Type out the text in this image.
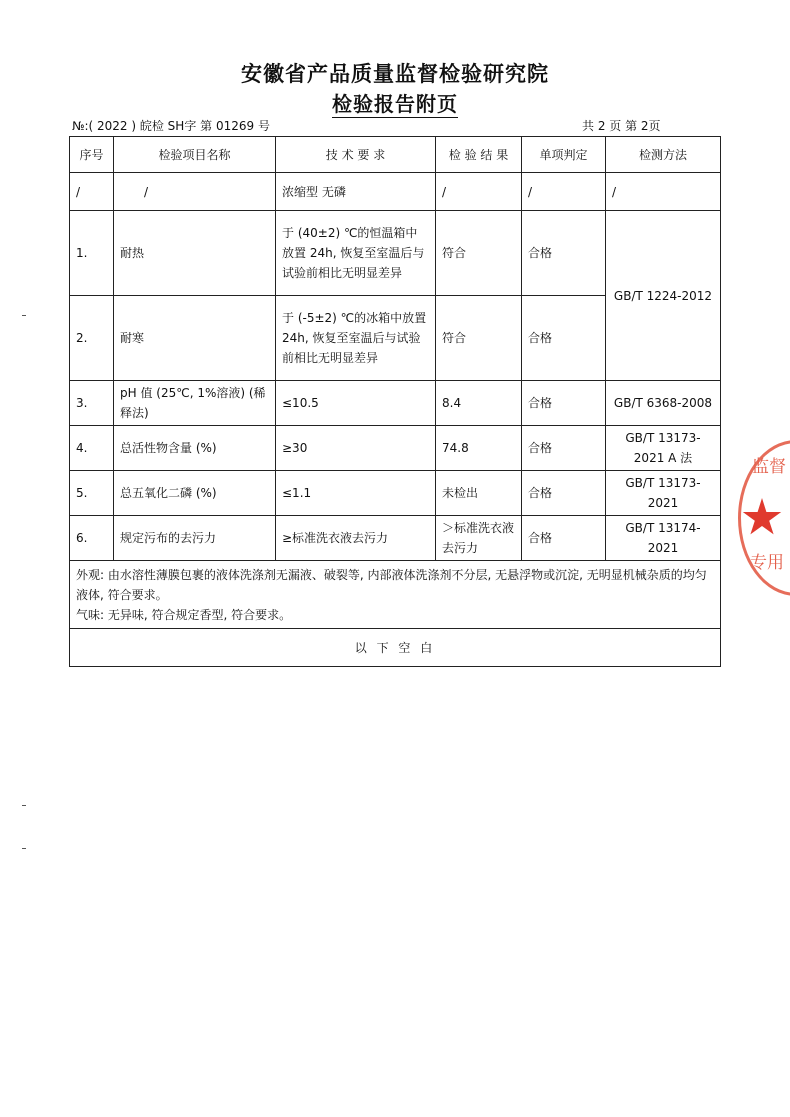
安徽省产品质量监督检验研究院
检验报告附页
№:( 2022 ) 皖检 SH字 第 01269 号	共 2 页 第 2页
序号	检验项目名称	技 术 要 求	检 验 结 果	单项判定	检测方法
/	/	浓缩型 无磷	/	/	/
1.	耐热	于 (40±2) ℃的恒温箱中放置 24h, 恢复至室温后与试验前相比无明显差异	符合	合格	GB/T 1224-2012
2.	耐寒	于 (-5±2) ℃的冰箱中放置 24h, 恢复至室温后与试验前相比无明显差异	符合	合格	
3.	pH 值 (25℃, 1%溶液) (稀释法)	≤10.5	8.4	合格	GB/T 6368-2008
4.	总活性物含量 (%)	≥30	74.8	合格	GB/T 13173-2021 A 法
5.	总五氧化二磷 (%)	≤1.1	未检出	合格	GB/T 13173-2021
6.	规定污布的去污力	≥标准洗衣液去污力	＞标准洗衣液去污力	合格	GB/T 13174-2021

外观: 由水溶性薄膜包裹的液体洗涤剂无漏液、破裂等, 内部液体洗涤剂不分层, 无悬浮物或沉淀, 无明显机械杂质的均匀液体, 符合要求。
气味: 无异味, 符合规定香型, 符合要求。					

以 下 空 白					
监督
专用
